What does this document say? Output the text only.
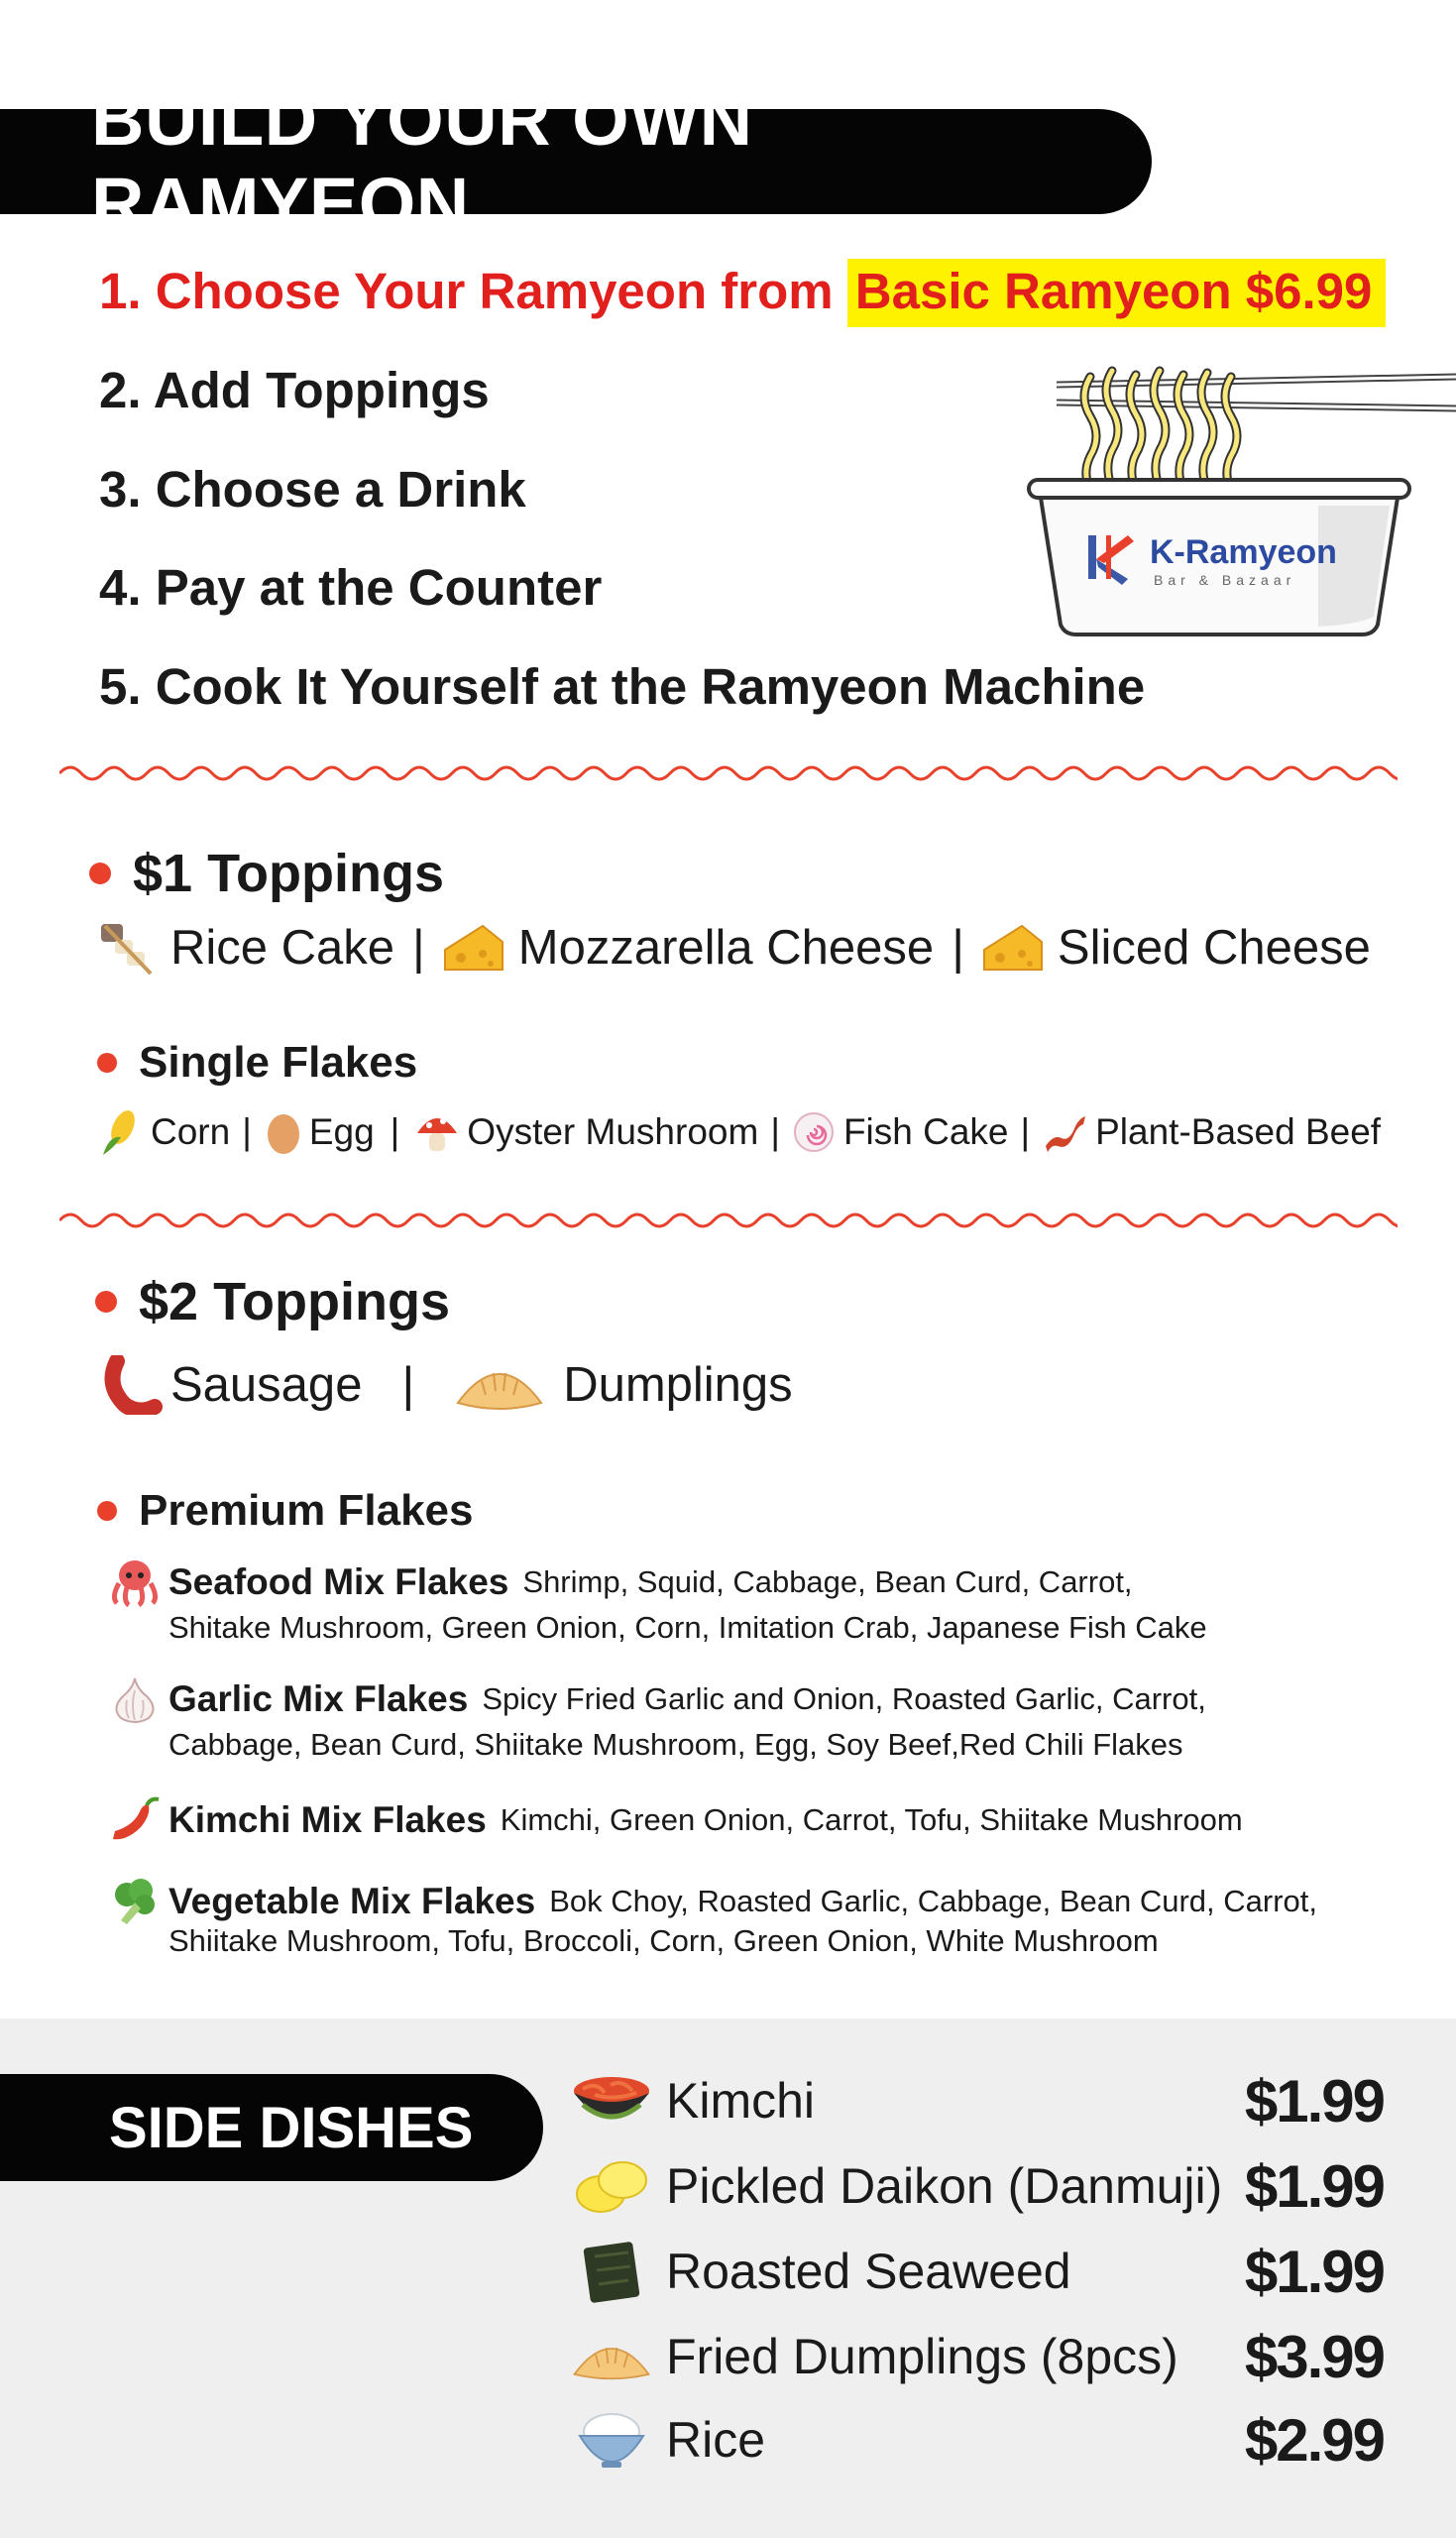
BUILD YOUR OWN RAMYEON
1. Choose Your Ramyeon from Basic Ramyeon $6.99
2. Add Toppings
3. Choose a Drink
4. Pay at the Counter
5. Cook It Yourself at the Ramyeon Machine
K-Ramyeon
Bar & Bazaar
$1 Toppings
Rice Cake | Mozzarella Cheese | Sliced Cheese
Single Flakes
Corn | Egg | Oyster Mushroom | Fish Cake | Plant-Based Beef
$2 Toppings
Sausage |	Dumplings
Premium Flakes
Seafood Mix Flakes Shrimp, Squid, Cabbage, Bean Curd, Carrot,
Shitake Mushroom, Green Onion, Corn, Imitation Crab, Japanese Fish Cake
Garlic Mix Flakes Spicy Fried Garlic and Onion, Roasted Garlic, Carrot,
Cabbage, Bean Curd, Shiitake Mushroom, Egg, Soy Beef,Red Chili Flakes
Kimchi Mix Flakes Kimchi, Green Onion, Carrot, Tofu, Shiitake Mushroom
Vegetable Mix Flakes Bok Choy, Roasted Garlic, Cabbage, Bean Curd, Carrot,
Shiitake Mushroom, Tofu, Broccoli, Corn, Green Onion, White Mushroom
SIDE DISHES	Kimchi	$1.99
Pickled Daikon (Danmuji) $1.99
Roasted Seaweed	$1.99
Fried Dumplings (8pcs)	$3.99
Rice	$2.99
